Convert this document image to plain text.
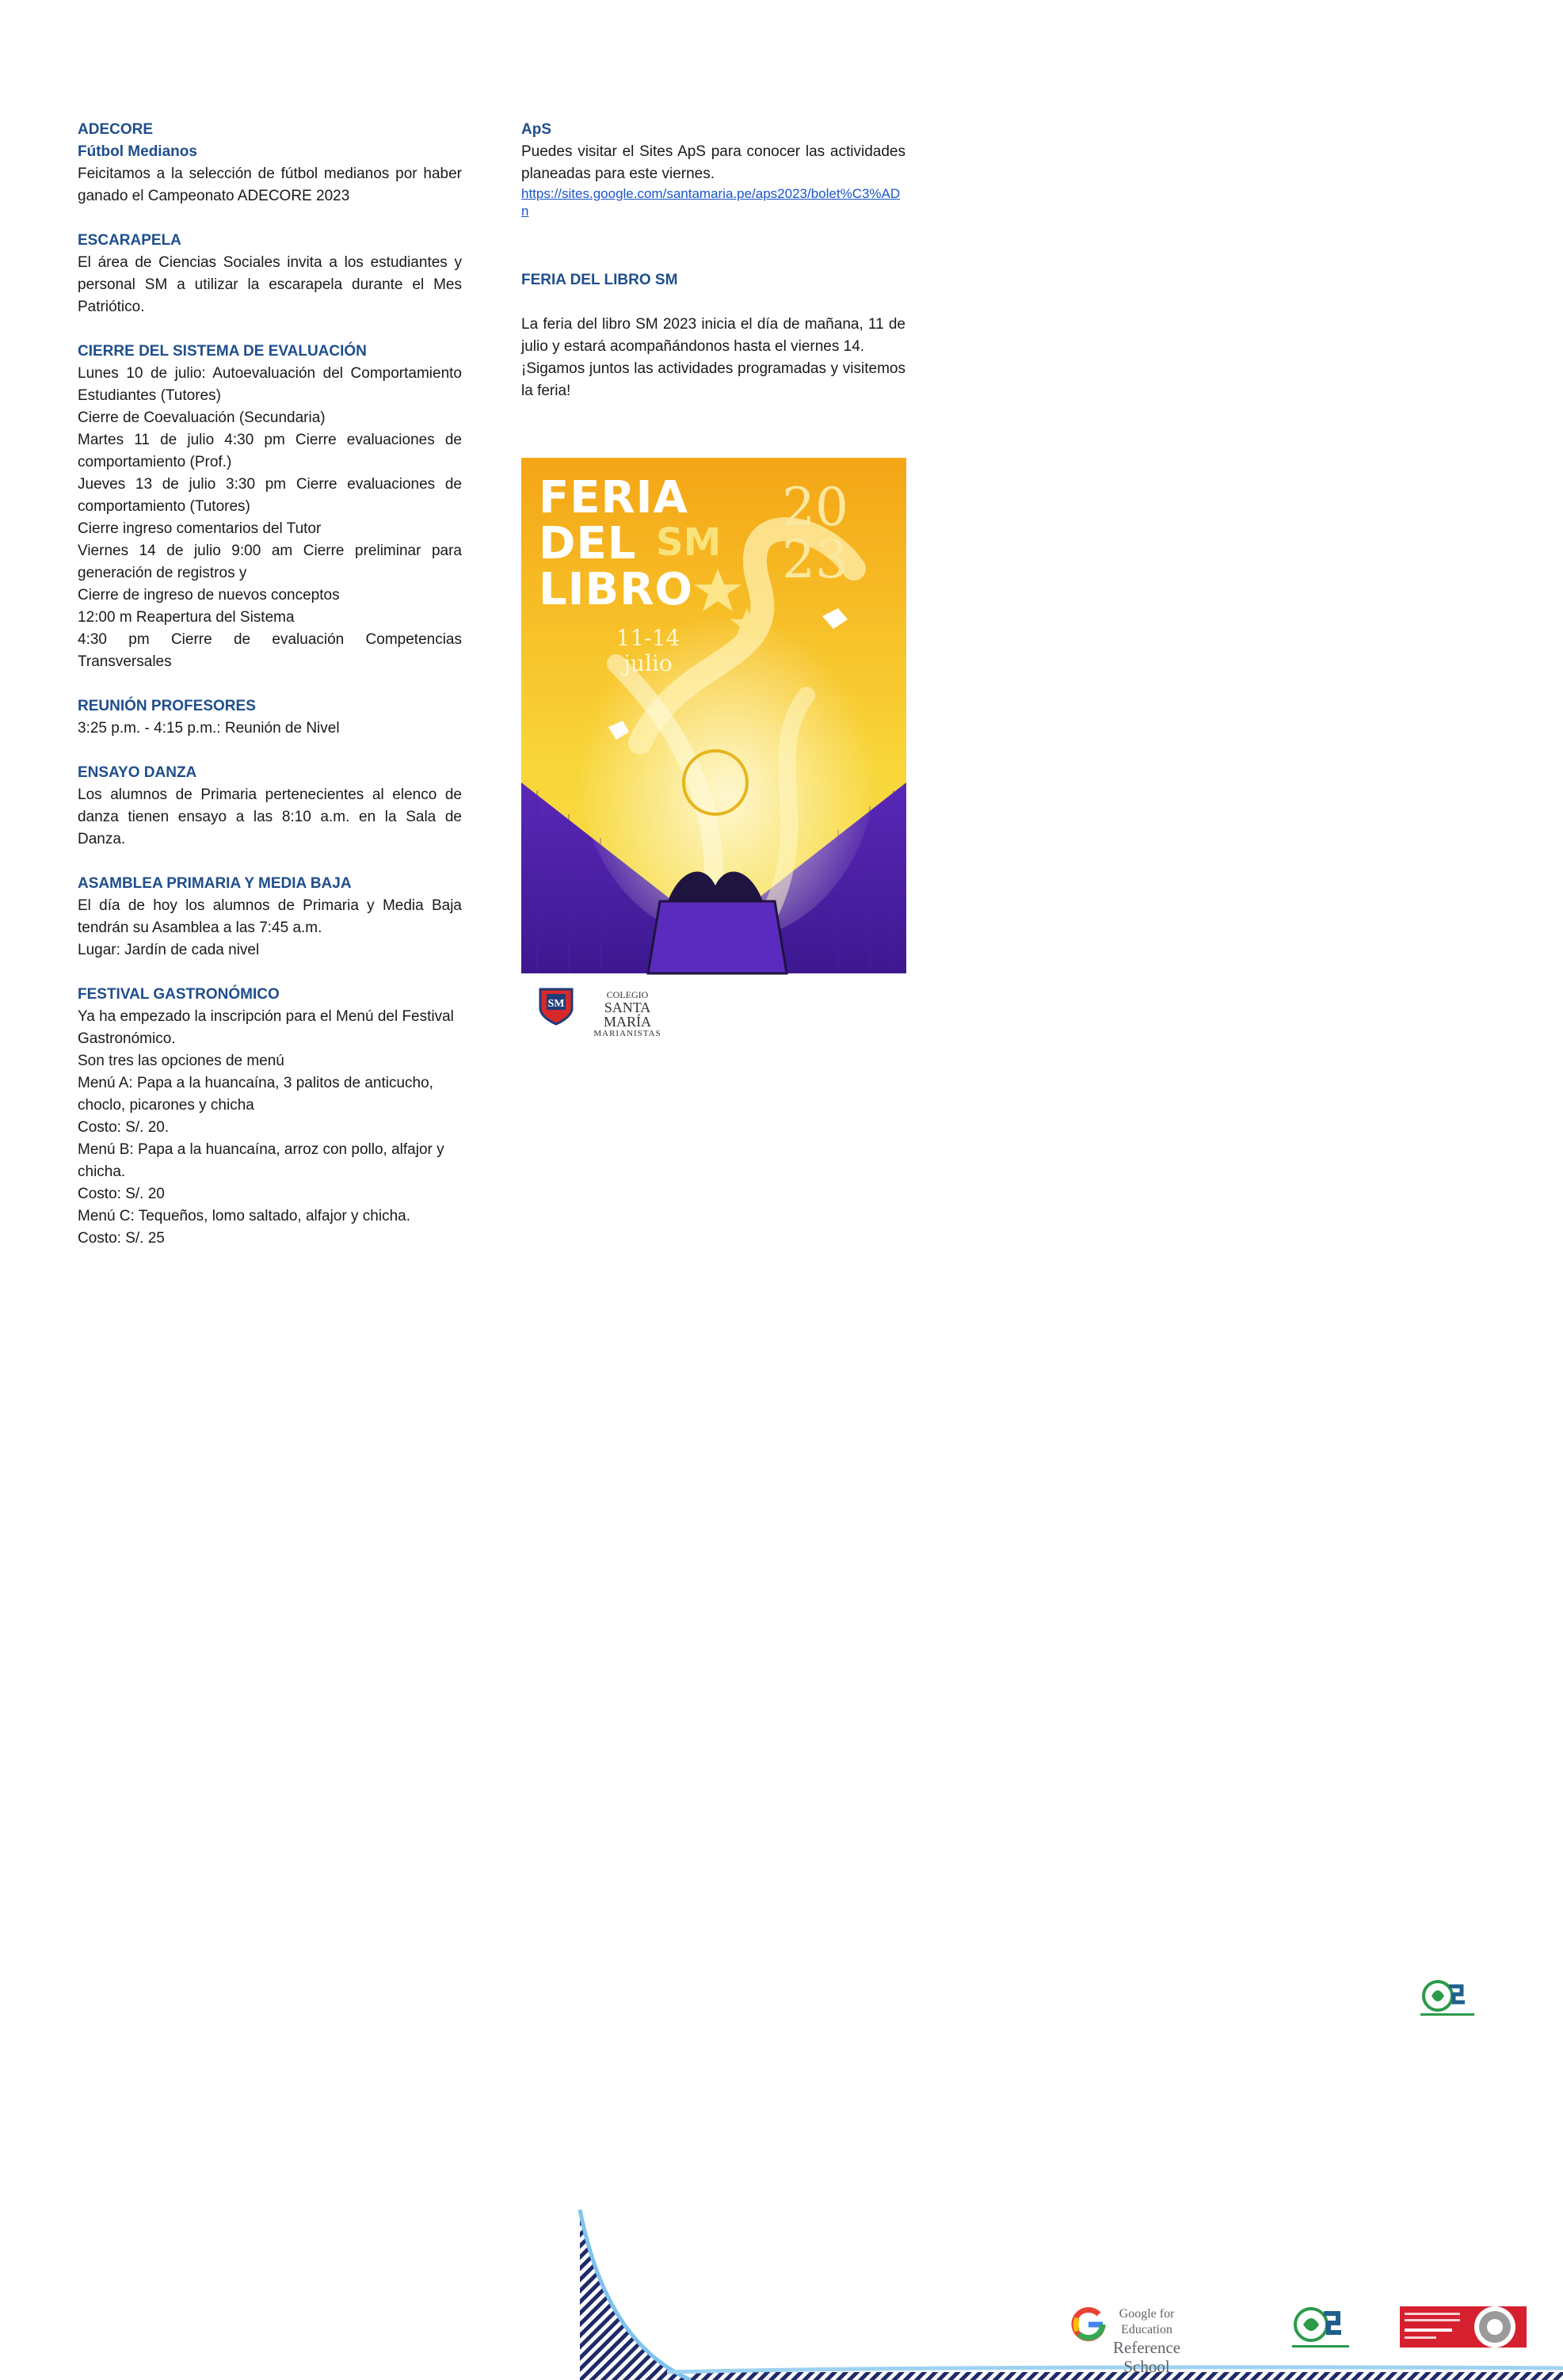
ADECORE
Fútbol Medianos
Feicitamos a la selección de fútbol medianos por haber ganado el Campeonato ADECORE 2023
ESCARAPELA
El área de Ciencias Sociales invita a los estudiantes y personal SM a utilizar la escarapela durante el Mes Patriótico.
CIERRE DEL SISTEMA DE EVALUACIÓN
Lunes 10 de julio: Autoevaluación del Comportamiento Estudiantes (Tutores)
Cierre de Coevaluación (Secundaria)
Martes 11 de julio 4:30 pm Cierre evaluaciones de comportamiento (Prof.)
Jueves 13 de julio 3:30 pm Cierre evaluaciones de comportamiento (Tutores)
Cierre ingreso comentarios del Tutor
Viernes 14 de julio 9:00 am Cierre preliminar para generación de registros y
Cierre de ingreso de nuevos conceptos
12:00 m Reapertura del Sistema
4:30 pm Cierre de evaluación Competencias Transversales
REUNIÓN PROFESORES
3:25 p.m. - 4:15 p.m.: Reunión de Nivel
ENSAYO DANZA
Los alumnos de Primaria pertenecientes al elenco de danza tienen ensayo a las 8:10 a.m. en la Sala de Danza.
ASAMBLEA PRIMARIA Y MEDIA BAJA
El día de hoy los alumnos de Primaria y Media Baja tendrán su Asamblea a las 7:45 a.m.
Lugar: Jardín de cada nivel
FESTIVAL GASTRONÓMICO
Ya ha empezado la inscripción para el Menú del Festival Gastronómico.
Son tres las opciones de menú
Menú A: Papa a la huancaína, 3 palitos de anticucho, choclo, picarones y chicha
Costo: S/. 20.
Menú B: Papa a la huancaína, arroz con pollo, alfajor y chicha.
Costo: S/. 20
Menú C: Tequeños, lomo saltado, alfajor y chicha.
Costo: S/. 25
ApS
Puedes visitar el Sites ApS para conocer las actividades planeadas para este viernes.
https://sites.google.com/santamaria.pe/aps2023/bolet%C3%ADn
FERIA DEL LIBRO SM
La feria del libro SM 2023 inicia el día de mañana, 11 de julio y estará acompañándonos hasta el viernes 14.
¡Sigamos juntos las actividades programadas y visitemos la feria!
FERIA
DEL
LIBRO
SM
20
23
11-14
julio
SM
COLEGIO
SANTA MARÍA
MARIANISTAS
Google for Education
Reference School
